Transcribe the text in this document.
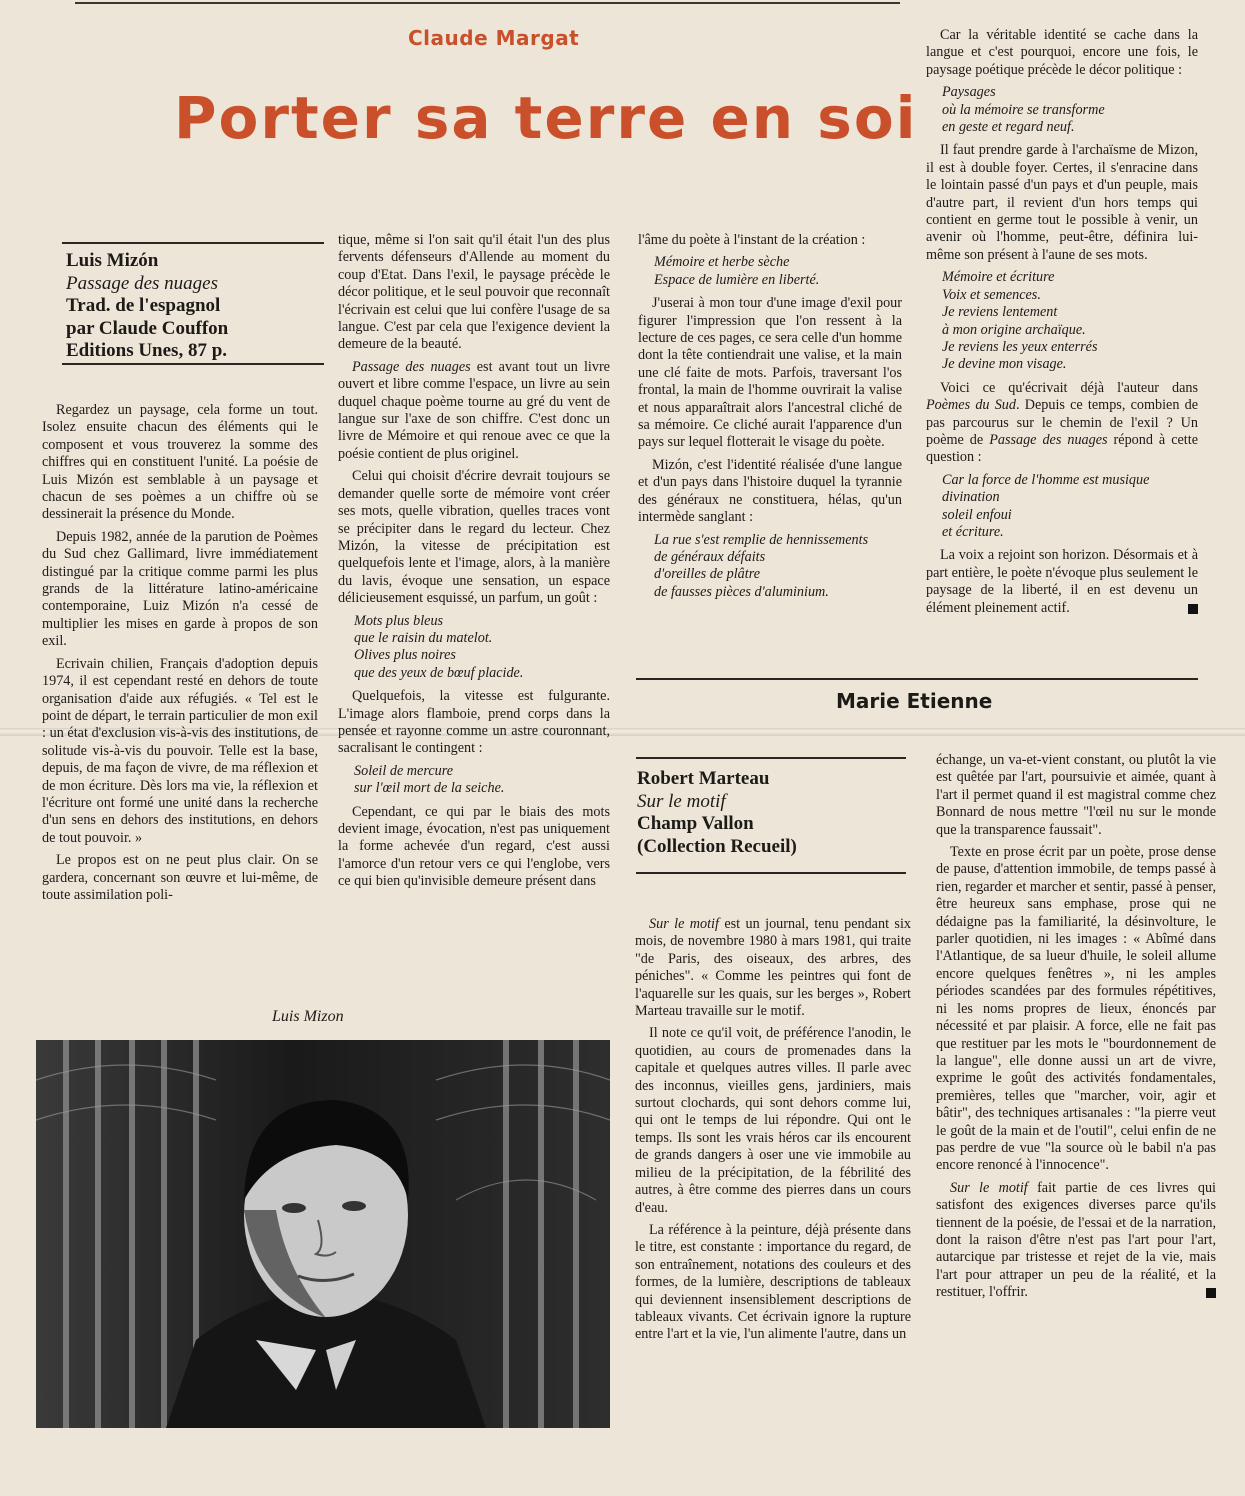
Claude Margat
Porter sa terre en soi
Luis Mizón
Passage des nuages
Trad. de l'espagnol
par Claude Couffon
Editions Unes, 87 p.

Regardez un paysage, cela forme un tout. Isolez ensuite chacun des éléments qui le composent et vous trouverez la somme des chiffres qui en constituent l'unité. La poésie de Luis Mizón est semblable à un paysage et chacun de ses poèmes a un chiffre où se dessinerait la présence du Monde.

Depuis 1982, année de la parution de Poèmes du Sud chez Gallimard, livre immédiatement distingué par la critique comme parmi les plus grands de la littérature latino-américaine contemporaine, Luiz Mizón n'a cessé de multiplier les mises en garde à propos de son exil.

Ecrivain chilien, Français d'adoption depuis 1974, il est cependant resté en dehors de toute organisation d'aide aux réfugiés. « Tel est le point de départ, le terrain particulier de mon exil : un état d'exclusion vis-à-vis des institutions, de solitude vis-à-vis du pouvoir. Telle est la base, depuis, de ma façon de vivre, de ma réflexion et de mon écriture. Dès lors ma vie, la réflexion et l'écriture ont formé une unité dans la recherche d'un sens en dehors des institutions, en dehors de tout pouvoir. »

Le propos est on ne peut plus clair. On se gardera, concernant son œuvre et lui-même, de toute assimilation poli-

tique, même si l'on sait qu'il était l'un des plus fervents défenseurs d'Allende au moment du coup d'Etat. Dans l'exil, le paysage précède le décor politique, et le seul pouvoir que reconnaît l'écrivain est celui que lui confère l'usage de sa langue. C'est par cela que l'exigence devient la demeure de la beauté.

Passage des nuages est avant tout un livre ouvert et libre comme l'espace, un livre au sein duquel chaque poème tourne au gré du vent de langue sur l'axe de son chiffre. C'est donc un livre de Mémoire et qui renoue avec ce que la poésie contient de plus originel.

Celui qui choisit d'écrire devrait toujours se demander quelle sorte de mémoire vont créer ses mots, quelle vibration, quelles traces vont se précipiter dans le regard du lecteur. Chez Mizón, la vitesse de précipitation est quelquefois lente et l'image, alors, à la manière du lavis, évoque une sensation, un espace délicieusement esquissé, un parfum, un goût :

Mots plus bleus
que le raisin du matelot.
Olives plus noires
que des yeux de bœuf placide.

Quelquefois, la vitesse est fulgurante. L'image alors flamboie, prend corps dans la pensée et rayonne comme un astre couronnant, sacralisant le contingent :

Soleil de mercure
sur l'œil mort de la seiche.

Cependant, ce qui par le biais des mots devient image, évocation, n'est pas uniquement la forme achevée d'un regard, c'est aussi l'amorce d'un retour vers ce qui l'englobe, vers ce qui bien qu'invisible demeure présent dans

l'âme du poète à l'instant de la création :

Mémoire et herbe sèche
Espace de lumière en liberté.

J'userai à mon tour d'une image d'exil pour figurer l'impression que l'on ressent à la lecture de ces pages, ce sera celle d'un homme dont la tête contiendrait une valise, et la main une clé faite de mots. Parfois, traversant l'os frontal, la main de l'homme ouvrirait la valise et nous apparaîtrait alors l'ancestral cliché de sa mémoire. Ce cliché aurait l'apparence d'un pays sur lequel flotterait le visage du poète.

Mizón, c'est l'identité réalisée d'une langue et d'un pays dans l'histoire duquel la tyrannie des généraux ne constituera, hélas, qu'un intermède sanglant :

La rue s'est remplie de hennissements
de généraux défaits
d'oreilles de plâtre
de fausses pièces d'aluminium.

Car la véritable identité se cache dans la langue et c'est pourquoi, encore une fois, le paysage poétique précède le décor politique :

Paysages
où la mémoire se transforme
en geste et regard neuf.

Il faut prendre garde à l'archaïsme de Mizon, il est à double foyer. Certes, il s'enracine dans le lointain passé d'un pays et d'un peuple, mais d'autre part, il revient d'un hors temps qui contient en germe tout le possible à venir, un avenir où l'homme, peut-être, définira lui-même son présent à l'aune de ses mots.

Mémoire et écriture
Voix et semences.
Je reviens lentement
à mon origine archaïque.
Je reviens les yeux enterrés
Je devine mon visage.

Voici ce qu'écrivait déjà l'auteur dans Poèmes du Sud. Depuis ce temps, combien de pas parcourus sur le chemin de l'exil ? Un poème de Passage des nuages répond à cette question :

Car la force de l'homme est musique
divination
soleil enfoui
et écriture.

La voix a rejoint son horizon. Désormais et à part entière, le poète n'évoque plus seulement le paysage de la liberté, il en est devenu un élément pleinement actif.

Marie Etienne
Luis Mizon
Robert Marteau
Sur le motif
Champ Vallon
(Collection Recueil)

Sur le motif est un journal, tenu pendant six mois, de novembre 1980 à mars 1981, qui traite "de Paris, des oiseaux, des arbres, des péniches". « Comme les peintres qui font de l'aquarelle sur les quais, sur les berges », Robert Marteau travaille sur le motif.

Il note ce qu'il voit, de préférence l'anodin, le quotidien, au cours de promenades dans la capitale et quelques autres villes. Il parle avec des inconnus, vieilles gens, jardiniers, mais surtout clochards, qui sont dehors comme lui, qui ont le temps de lui répondre. Qui ont le temps. Ils sont les vrais héros car ils encourent de grands dangers à oser une vie immobile au milieu de la précipitation, de la fébrilité des autres, à être comme des pierres dans un cours d'eau.

La référence à la peinture, déjà présente dans le titre, est constante : importance du regard, de son entraînement, notations des couleurs et des formes, de la lumière, descriptions de tableaux qui deviennent insensiblement descriptions de tableaux vivants. Cet écrivain ignore la rupture entre l'art et la vie, l'un alimente l'autre, dans un

échange, un va-et-vient constant, ou plutôt la vie est quêtée par l'art, poursuivie et aimée, quant à l'art il permet quand il est magistral comme chez Bonnard de nous mettre "l'œil nu sur le monde que la transparence faussait".

Texte en prose écrit par un poète, prose dense de pause, d'attention immobile, de temps passé à rien, regarder et marcher et sentir, passé à penser, être heureux sans emphase, prose qui ne dédaigne pas la familiarité, la désinvolture, le parler quotidien, ni les images : « Abîmé dans l'Atlantique, de sa lueur d'huile, le soleil allume encore quelques fenêtres », ni les amples périodes scandées par des formules répétitives, ni les noms propres de lieux, énoncés par nécessité et par plaisir. A force, elle ne fait pas que restituer par les mots le "bourdonnement de la langue", elle donne aussi un art de vivre, exprime le goût des activités fondamentales, premières, telles que "marcher, voir, agir et bâtir", des techniques artisanales : "la pierre veut le goût de la main et de l'outil", celui enfin de ne pas perdre de vue "la source où le babil n'a pas encore renoncé à l'innocence".

Sur le motif fait partie de ces livres qui satisfont des exigences diverses parce qu'ils tiennent de la poésie, de l'essai et de la narration, dont la raison d'être n'est pas l'art pour l'art, autarcique par tristesse et rejet de la vie, mais l'art pour attraper un peu de la réalité, et la restituer, l'offrir.
